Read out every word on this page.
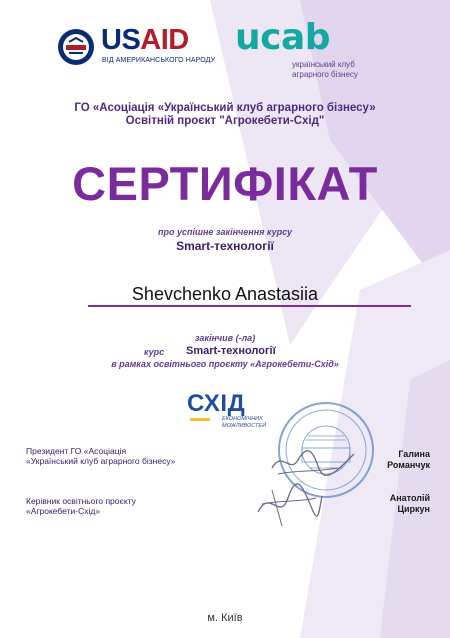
USAID
ВІД АМЕРИКАНСЬКОГО НАРОДУ
ucab
український клуб
аграрного бізнесу
ГО «Асоціація «Український клуб аграрного бізнесу»
Освітній проєкт "Агрокебети-Схід"
СЕРТИФІКАТ
про успішне закінчення курсу
Smart-технології
Shevchenko Anastasiia
закінчив (-ла)
курс Smart-технології
в рамках освітнього проєкту «Агрокебети-Схід»
СХІД
ЕКОНОМІЧНИХ
МОЖЛИВОСТЕЙ
Президент ГО «Асоціація
«Український клуб аграрного бізнесу»
Галина
Романчук
Керівник освітнього проєкту
«Агрокебети-Схід»
Анатолій
Циркун
м. Київ
